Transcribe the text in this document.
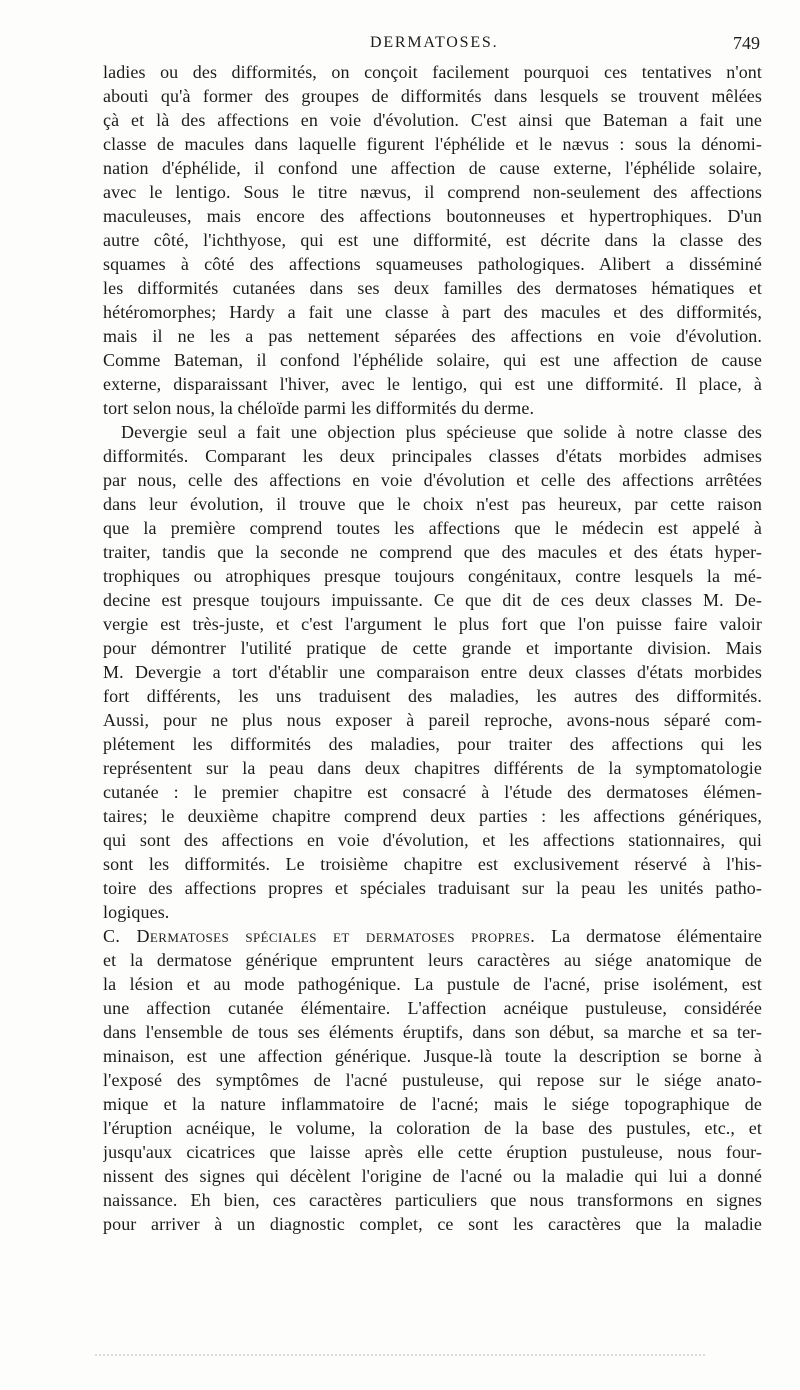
DERMATOSES.	749
ladies ou des difformités, on conçoit facilement pourquoi ces tentatives n'ont
abouti qu'à former des groupes de difformités dans lesquels se trouvent mêlées
çà et là des affections en voie d'évolution. C'est ainsi que Bateman a fait une
classe de macules dans laquelle figurent l'éphélide et le nævus : sous la dénomi-
nation d'éphélide, il confond une affection de cause externe, l'éphélide solaire,
avec le lentigo. Sous le titre nævus, il comprend non-seulement des affections
maculeuses, mais encore des affections boutonneuses et hypertrophiques. D'un
autre côté, l'ichthyose, qui est une difformité, est décrite dans la classe des
squames à côté des affections squameuses pathologiques. Alibert a disséminé
les difformités cutanées dans ses deux familles des dermatoses hématiques et
hétéromorphes; Hardy a fait une classe à part des macules et des difformités,
mais il ne les a pas nettement séparées des affections en voie d'évolution.
Comme Bateman, il confond l'éphélide solaire, qui est une affection de cause
externe, disparaissant l'hiver, avec le lentigo, qui est une difformité. Il place, à
tort selon nous, la chéloïde parmi les difformités du derme.
Devergie seul a fait une objection plus spécieuse que solide à notre classe des
difformités. Comparant les deux principales classes d'états morbides admises
par nous, celle des affections en voie d'évolution et celle des affections arrêtées
dans leur évolution, il trouve que le choix n'est pas heureux, par cette raison
que la première comprend toutes les affections que le médecin est appelé à
traiter, tandis que la seconde ne comprend que des macules et des états hyper-
trophiques ou atrophiques presque toujours congénitaux, contre lesquels la mé-
decine est presque toujours impuissante. Ce que dit de ces deux classes M. De-
vergie est très-juste, et c'est l'argument le plus fort que l'on puisse faire valoir
pour démontrer l'utilité pratique de cette grande et importante division. Mais
M. Devergie a tort d'établir une comparaison entre deux classes d'états morbides
fort différents, les uns traduisent des maladies, les autres des difformités.
Aussi, pour ne plus nous exposer à pareil reproche, avons-nous séparé com-
plétement les difformités des maladies, pour traiter des affections qui les
représentent sur la peau dans deux chapitres différents de la symptomatologie
cutanée : le premier chapitre est consacré à l'étude des dermatoses élémen-
taires; le deuxième chapitre comprend deux parties : les affections génériques,
qui sont des affections en voie d'évolution, et les affections stationnaires, qui
sont les difformités. Le troisième chapitre est exclusivement réservé à l'his-
toire des affections propres et spéciales traduisant sur la peau les unités patho-
logiques.
C. Dermatoses spéciales et dermatoses propres. La dermatose élémentaire
et la dermatose générique empruntent leurs caractères au siége anatomique de
la lésion et au mode pathogénique. La pustule de l'acné, prise isolément, est
une affection cutanée élémentaire. L'affection acnéique pustuleuse, considérée
dans l'ensemble de tous ses éléments éruptifs, dans son début, sa marche et sa ter-
minaison, est une affection générique. Jusque-là toute la description se borne à
l'exposé des symptômes de l'acné pustuleuse, qui repose sur le siége anato-
mique et la nature inflammatoire de l'acné; mais le siége topographique de
l'éruption acnéique, le volume, la coloration de la base des pustules, etc., et
jusqu'aux cicatrices que laisse après elle cette éruption pustuleuse, nous four-
nissent des signes qui décèlent l'origine de l'acné ou la maladie qui lui a donné
naissance. Eh bien, ces caractères particuliers que nous transformons en signes
pour arriver à un diagnostic complet, ce sont les caractères que la maladie
